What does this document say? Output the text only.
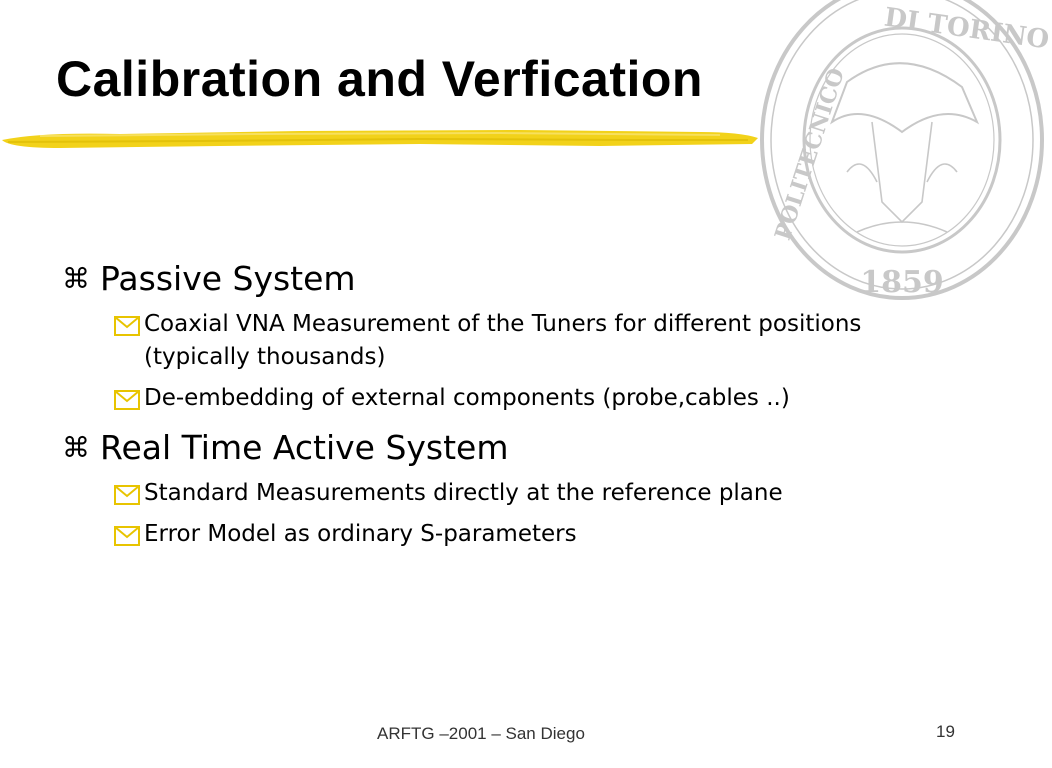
DI TORINO
POLITECNICO
1859
Calibration and Verfication
⌘ Passive System
Coaxial VNA Measurement of the Tuners for different positions (typically thousands)
De-embedding of external components (probe,cables ..)
⌘ Real Time Active System
Standard Measurements directly at the reference plane
Error Model as ordinary S-parameters
ARFTG –2001 – San Diego	19
